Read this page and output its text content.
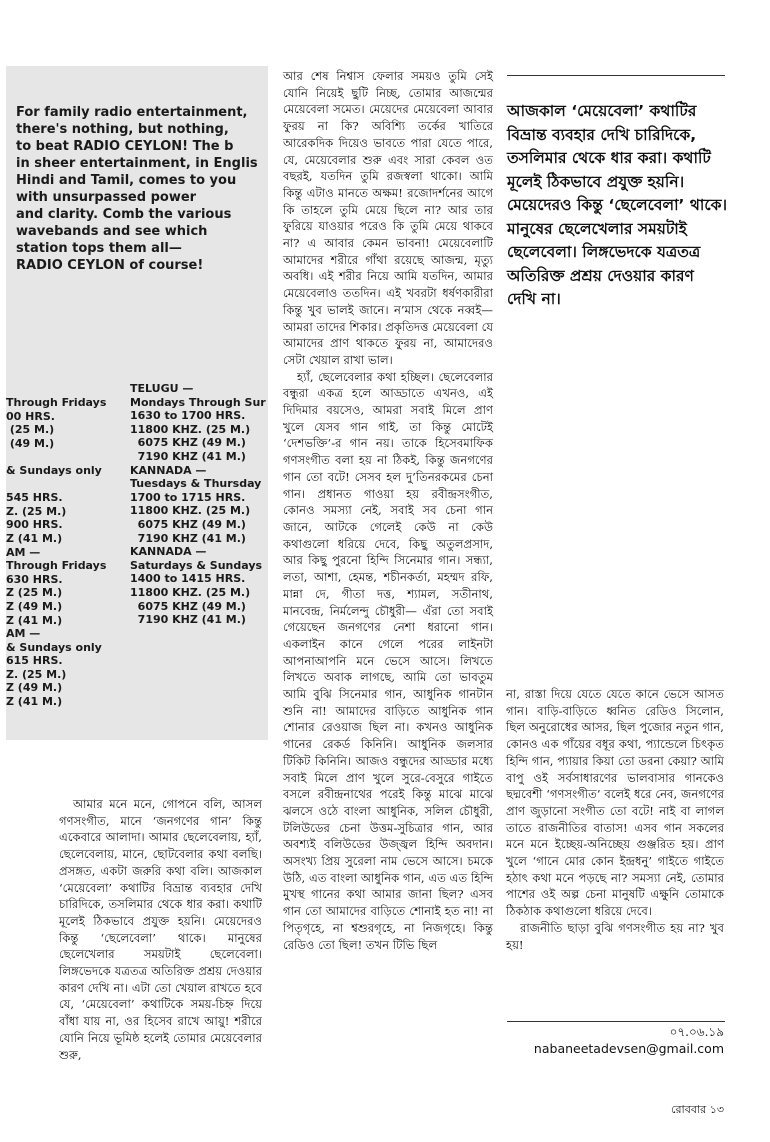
For family radio entertainment,
there's nothing, but nothing,
to beat RADIO CEYLON! The b
in sheer entertainment, in Englis
Hindi and Tamil, comes to you
with unsurpassed power
and clarity. Comb the various
wavebands and see which
station tops them all—
RADIO CEYLON of course!
Through Fridays
00 HRS.
(25 M.)
(49 M.)

& Sundays only

545 HRS.
Z. (25 M.)
900 HRS.
Z (41 M.)
AM —
Through Fridays
630 HRS.
Z (25 M.)
Z (49 M.)
Z (41 M.)
AM —
& Sundays only
615 HRS.
Z. (25 M.)
Z (49 M.)
Z (41 M.)
TELUGU —
Mondays Through Sur
1630 to 1700 HRS.
11800 KHZ. (25 M.)
6075 KHZ (49 M.)
7190 KHZ (41 M.)
KANNADA —
Tuesdays & Thursday
1700 to 1715 HRS.
11800 KHZ. (25 M.)
6075 KHZ (49 M.)
7190 KHZ (41 M.)
KANNADA —
Saturdays & Sundays
1400 to 1415 HRS.
11800 KHZ. (25 M.)
6075 KHZ (49 M.)
7190 KHZ (41 M.)

আমার মনে মনে, গোপনে বলি, আসল গণসংগীত, মানে ‘জনগণের গান’ কিন্তু একেবারে আলাদা। আমার ছেলেবেলায়, হ্যাঁ, ছেলেবেলায়, মানে, ছোটবেলার কথা বলছি। প্রসঙ্গত, একটা জরুরি কথা বলি। আজকাল ‘মেয়েবেলা’ কথাটির বিভ্রান্ত ব্যবহার দেখি চারিদিকে, তসলিমার থেকে ধার করা। কথাটি মূলেই ঠিকভাবে প্রযুক্ত হয়নি। মেয়েদেরও কিন্তু ‘ছেলেবেলা’ থাকে। মানুষের ছেলেখেলার সময়টাই ছেলেবেলা। লিঙ্গভেদকে যত্রতত্র অতিরিক্ত প্রশ্রয় দেওয়ার কারণ দেখি না। এটা তো খেয়াল রাখতে হবে যে, ‘মেয়েবেলা’ কথাটিকে সময়-চিহ্ন দিয়ে বাঁধা যায় না, ওর হিসেব রাখে আয়ু! শরীরে যোনি নিয়ে ভূমিষ্ঠ হলেই তোমার মেয়েবেলার শুরু,

আর শেষ নিশ্বাস ফেলার সময়ও তুমি সেই যোনি নিয়েই ছুটি নিচ্ছ, তোমার আজন্মের মেয়েবেলা সমেত। মেয়েদের মেয়েবেলা আবার ফুরয় না কি? অবিশ্যি তর্কের খাতিরে আরেকদিক দিয়েও ভাবতে পারা যেতে পারে, যে, মেয়েবেলার শুরু এবং সারা কেবল ওত বছরই, যতদিন তুমি রজস্বলা থাকো। আমি কিন্তু এটাও মানতে অক্ষম! রজোদর্শনের আগে কি তাহলে তুমি মেয়ে ছিলে না? আর তার ফুরিয়ে যাওয়ার পরেও কি তুমি মেয়ে থাকবে না? এ আবার কেমন ভাবনা! মেয়েবেলাটি আমাদের শরীরে গাঁথা রয়েছে আজন্ম, মৃত্যু অবধি। এই শরীর নিয়ে আমি যতদিন, আমার মেয়েবেলাও ততদিন। এই খবরটা ধর্ষণকারীরা কিন্তু খুব ভালই জানে। ন’মাস থেকে নব্বই— আমরা তাদের শিকার। প্রকৃতিদত্ত মেয়েবেলা যে আমাদের প্রাণ থাকতে ফুরয় না, আমাদেরও সেটা খেয়াল রাখা ভাল।

হ্যাঁ, ছেলেবেলার কথা হচ্ছিল। ছেলেবেলার বন্ধুরা একত্র হলে আড্ডাতে এখনও, এই দিদিমার বয়সেও, আমরা সবাই মিলে প্রাণ খুলে যেসব গান গাই, তা কিন্তু মোটেই ‘দেশভক্তি’-র গান নয়। তাকে হিসেবমাফিক গণসংগীত বলা হয় না ঠিকই, কিন্তু জনগণের গান তো বটে! সেসব হল দু’তিনরকমের চেনা গান। প্রধানত গাওয়া হয় রবীন্দ্রসংগীত, কোনও সমস্যা নেই, সবাই সব চেনা গান জানে, আটকে গেলেই কেউ না কেউ কথাগুলো ধরিয়ে দেবে, কিছু অতুলপ্রসাদ, আর কিছু পুরনো হিন্দি সিনেমার গান। সন্ধ্যা, লতা, আশা, হেমন্ত, শচীনকর্তা, মহম্মদ রফি, মান্না দে, গীতা দত্ত, শ্যামল, সতীনাথ, মানবেন্দ্র, নির্মলেন্দু চৌধুরী— এঁরা তো সবাই গেয়েছেন জনগণের নেশা ধরানো গান। একলাইন কানে গেলে পরের লাইনটা আপনাআপনি মনে ভেসে আসে। লিখতে লিখতে অবাক লাগছে, আমি তো ভাবতুম আমি বুঝি সিনেমার গান, আধুনিক গানটান শুনি না! আমাদের বাড়িতে আধুনিক গান শোনার রেওয়াজ ছিল না। কখনও আধুনিক গানের রেকর্ড কিনিনি। আধুনিক জলসার টিকিট কিনিনি। আজও বন্ধুদের আড্ডার মধ্যে সবাই মিলে প্রাণ খুলে সুরে-বেসুরে গাইতে বসলে রবীন্দ্রনাথের পরেই কিন্তু মাঝে মাঝে ঝলসে ওঠে বাংলা আধুনিক, সলিল চৌধুরী, টলিউডের চেনা উত্তম-সুচিত্রার গান, আর অবশ্যই বলিউডের উজ্জ্বল হিন্দি অবদান। অসংখ্য প্রিয় সুরেলা নাম ভেসে আসে। চমকে উঠি, এত বাংলা আধুনিক গান, এত এত হিন্দি মুখস্থ গানের কথা আমার জানা ছিল? এসব গান তো আমাদের বাড়িতে শোনাই হত না! না পিতৃগৃহে, না শ্বশুরগৃহে, না নিজগৃহে। কিন্তু রেডিও তো ছিল! তখন টিভি ছিল

আজকাল ‘মেয়েবেলা’ কথাটির বিভ্রান্ত ব্যবহার দেখি চারিদিকে, তসলিমার থেকে ধার করা। কথাটি মূলেই ঠিকভাবে প্রযুক্ত হয়নি। মেয়েদেরও কিন্তু ‘ছেলেবেলা’ থাকে। মানুষের ছেলেখেলার সময়টাই ছেলেবেলা। লিঙ্গভেদকে যত্রতত্র অতিরিক্ত প্রশ্রয় দেওয়ার কারণ দেখি না।

না, রাস্তা দিয়ে যেতে যেতে কানে ভেসে আসত গান। বাড়ি-বাড়িতে ধ্বনিত রেডিও সিলোন, ছিল অনুরোধের আসর, ছিল পুজোর নতুন গান, কোনও এক গাঁয়ের বধূর কথা, প্যান্ডেলে চিৎকৃত হিন্দি গান, প্যায়ার কিয়া তো ডরনা কেয়া? আমি বাপু ওই সর্বসাধারণের ভালবাসার গানকেও ছদ্মবেশী ‘গণসংগীত’ বলেই ধরে নেব, জনগণের প্রাণ জুড়ানো সংগীত তো বটে! নাই বা লাগল তাতে রাজনীতির বাতাস! এসব গান সকলের মনে মনে ইচ্ছেয়-অনিচ্ছেয় গুঞ্জরিত হয়। প্রাণ খুলে ‘গানে মোর কোন ইন্দ্রধনু’ গাইতে গাইতে হঠাৎ কথা মনে পড়ছে না? সমস্যা নেই, তোমার পাশের ওই অল্প চেনা মানুষটি এক্ষুনি তোমাকে ঠিকঠাক কথাগুলো ধরিয়ে দেবে।

রাজনীতি ছাড়া বুঝি গণসংগীত হয় না? খুব হয়!

০৭.০৬.১৯
nabaneetadevsen@gmail.com
রোববার ১৩
